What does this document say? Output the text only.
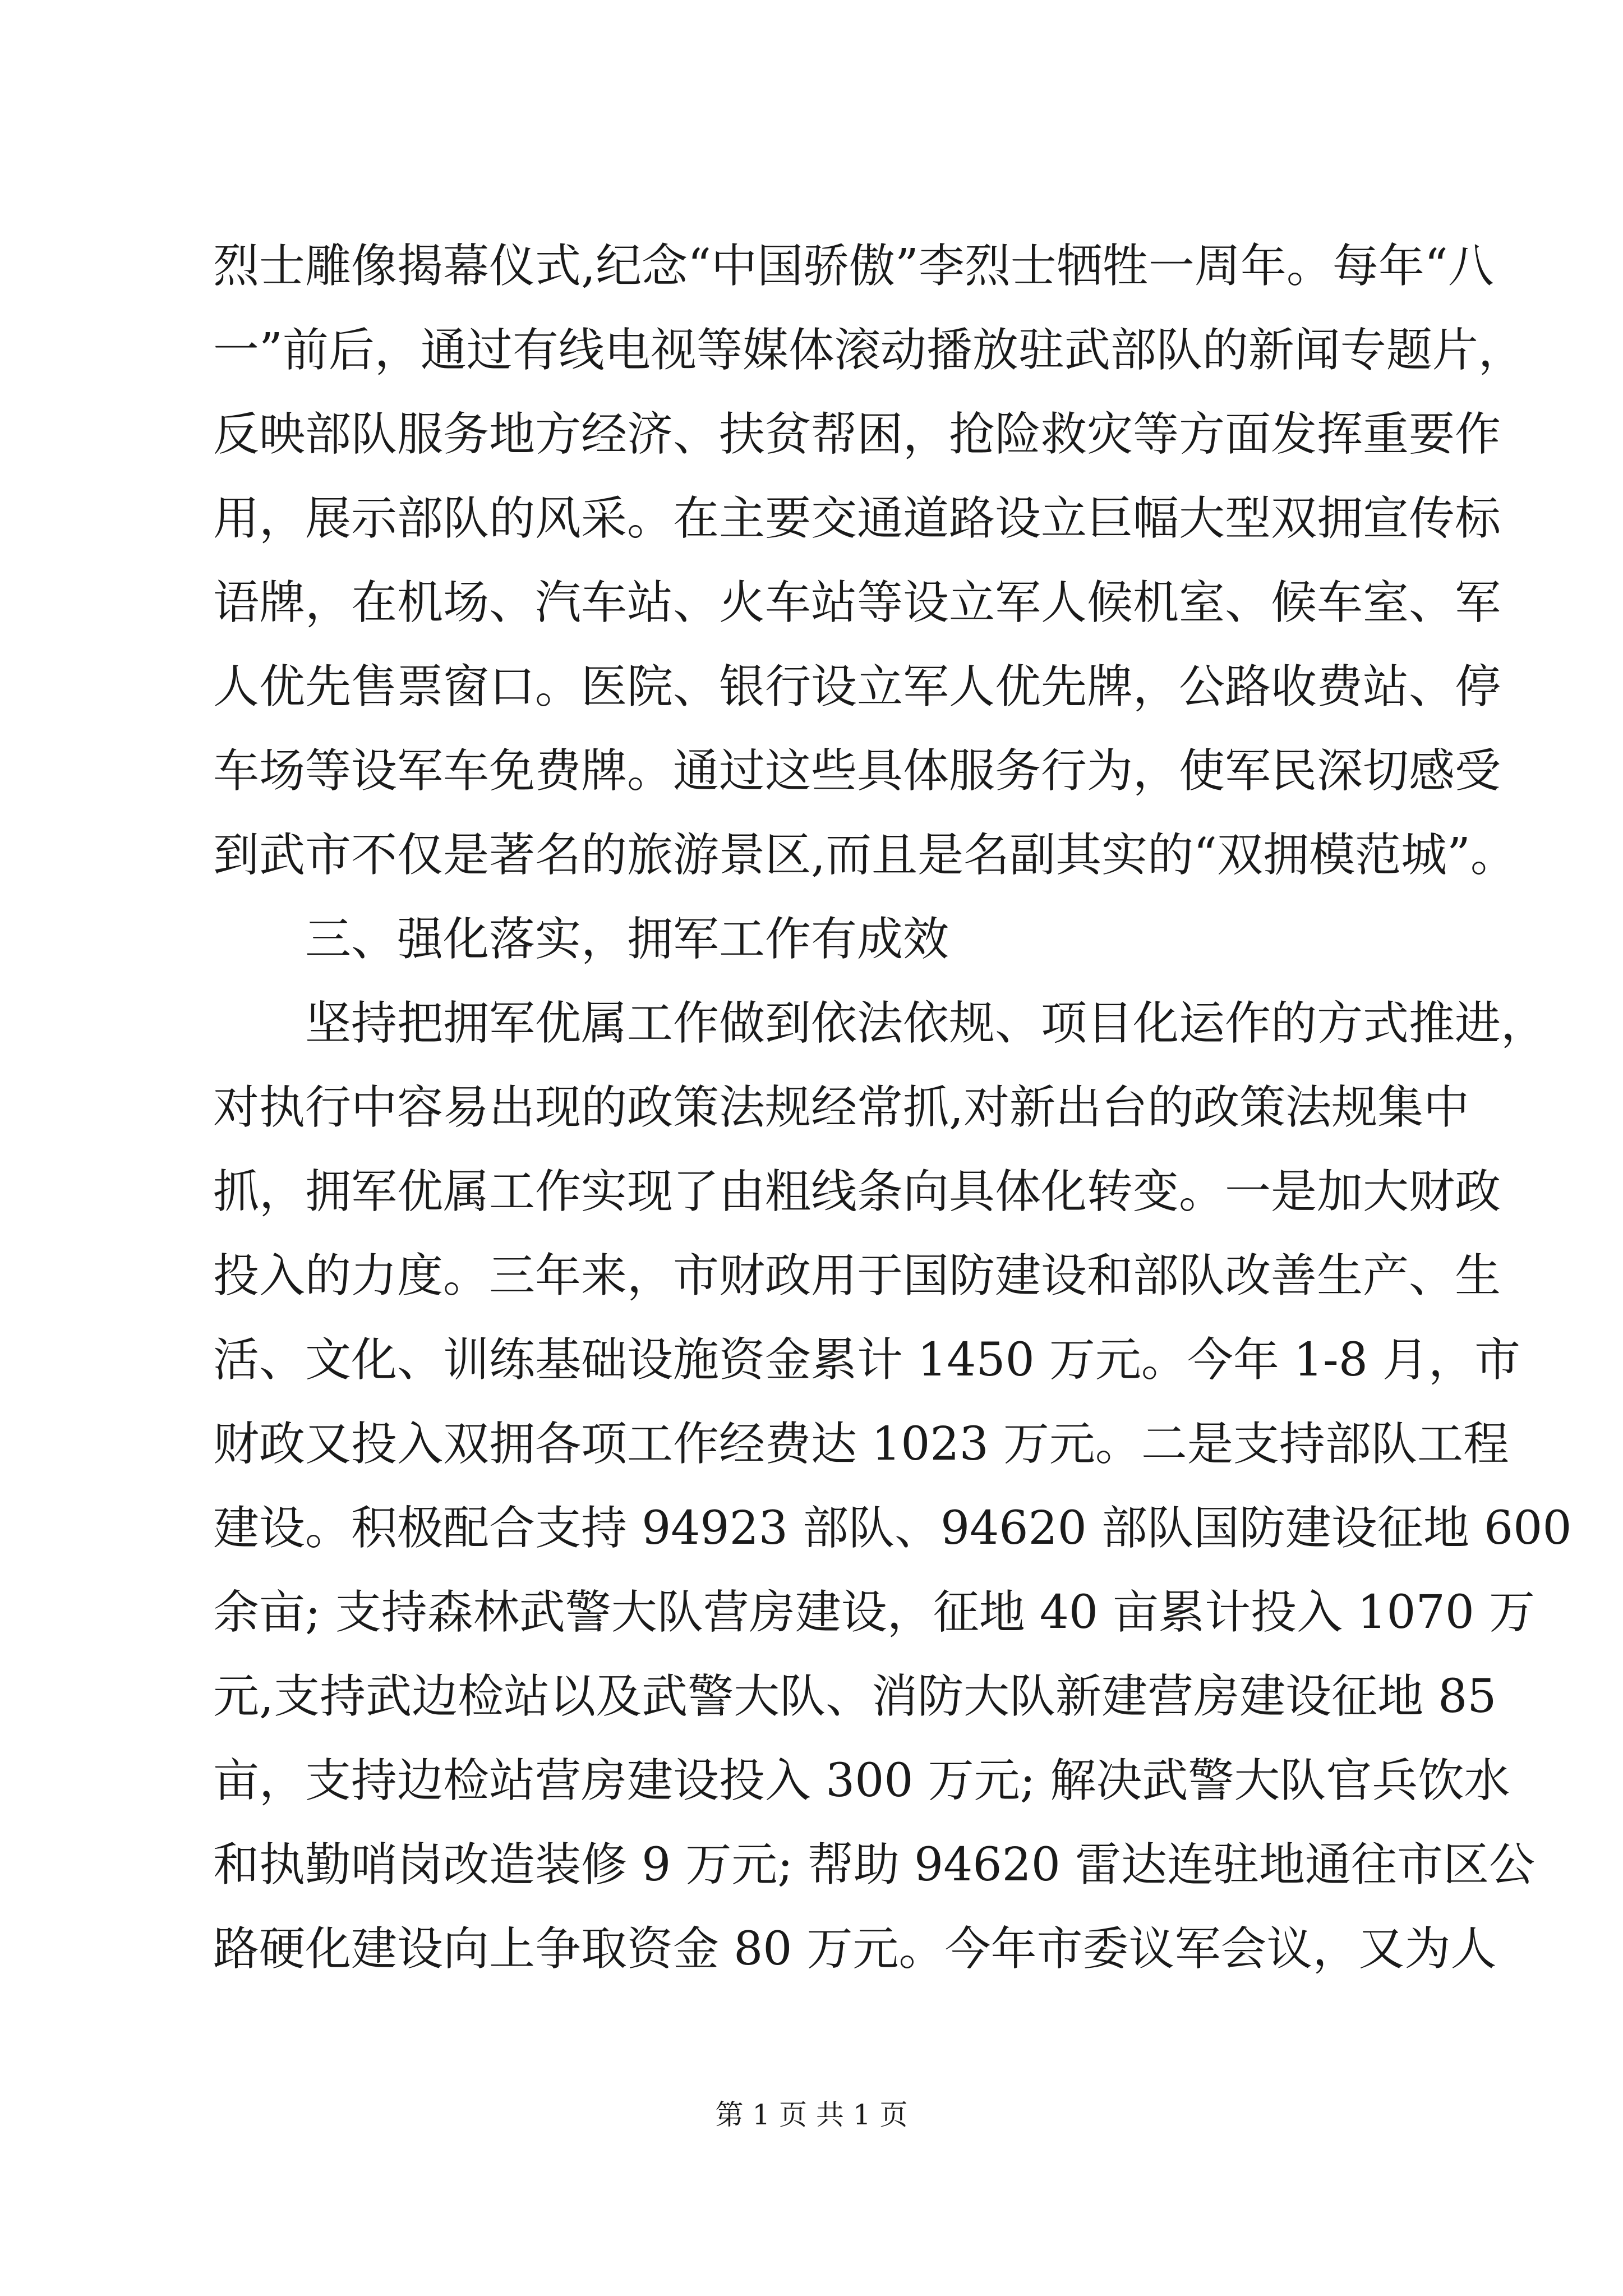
烈士雕像揭幕仪式,纪念“中国骄傲”李烈士牺牲一周年。每年“八
一”前后，通过有线电视等媒体滚动播放驻武部队的新闻专题片，
反映部队服务地方经济、扶贫帮困，抢险救灾等方面发挥重要作
用，展示部队的风采。在主要交通道路设立巨幅大型双拥宣传标
语牌，在机场、汽车站、火车站等设立军人候机室、候车室、军
人优先售票窗口。医院、银行设立军人优先牌，公路收费站、停
车场等设军车免费牌。通过这些具体服务行为，使军民深切感受
到武市不仅是著名的旅游景区,而且是名副其实的“双拥模范城”。
三、强化落实，拥军工作有成效
坚持把拥军优属工作做到依法依规、项目化运作的方式推进，
对执行中容易出现的政策法规经常抓,对新出台的政策法规集中
抓，拥军优属工作实现了由粗线条向具体化转变。一是加大财政
投入的力度。三年来，市财政用于国防建设和部队改善生产、生
活、文化、训练基础设施资金累计 1450 万元。今年 1-8 月，市
财政又投入双拥各项工作经费达 1023 万元。二是支持部队工程
建设。积极配合支持 94923 部队、94620 部队国防建设征地 600
余亩; 支持森林武警大队营房建设，征地 40 亩累计投入 1070 万
元,支持武边检站以及武警大队、消防大队新建营房建设征地 85
亩，支持边检站营房建设投入 300 万元; 解决武警大队官兵饮水
和执勤哨岗改造装修 9 万元; 帮助 94620 雷达连驻地通往市区公
路硬化建设向上争取资金 80 万元。今年市委议军会议，又为人
第 1 页 共 1 页
